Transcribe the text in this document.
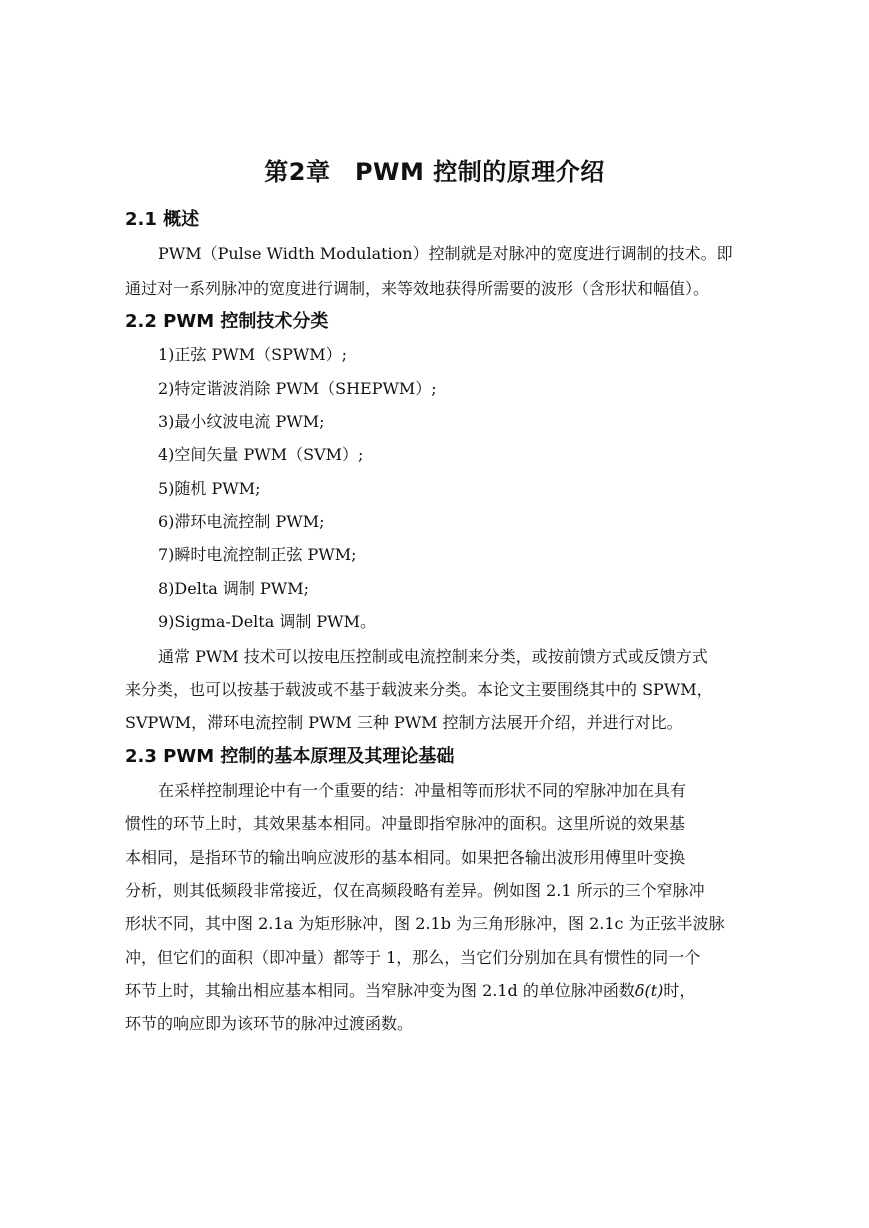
第2章　PWM 控制的原理介绍
2.1 概述
PWM（Pulse Width Modulation）控制就是对脉冲的宽度进行调制的技术。即
通过对一系列脉冲的宽度进行调制，来等效地获得所需要的波形（含形状和幅值）。
2.2 PWM 控制技术分类
1)正弦 PWM（SPWM）;
2)特定谐波消除 PWM（SHEPWM）;
3)最小纹波电流 PWM;
4)空间矢量 PWM（SVM）;
5)随机 PWM;
6)滞环电流控制 PWM;
7)瞬时电流控制正弦 PWM;
8)Delta 调制 PWM;
9)Sigma-Delta 调制 PWM。
通常 PWM 技术可以按电压控制或电流控制来分类，或按前馈方式或反馈方式
来分类，也可以按基于载波或不基于载波来分类。本论文主要围绕其中的 SPWM，
SVPWM，滞环电流控制 PWM 三种 PWM 控制方法展开介绍，并进行对比。
2.3 PWM 控制的基本原理及其理论基础
在采样控制理论中有一个重要的结：冲量相等而形状不同的窄脉冲加在具有
惯性的环节上时，其效果基本相同。冲量即指窄脉冲的面积。这里所说的效果基
本相同，是指环节的输出响应波形的基本相同。如果把各输出波形用傅里叶变换
分析，则其低频段非常接近，仅在高频段略有差异。例如图 2.1 所示的三个窄脉冲
形状不同，其中图 2.1a 为矩形脉冲，图 2.1b 为三角形脉冲，图 2.1c 为正弦半波脉
冲，但它们的面积（即冲量）都等于 1，那么，当它们分别加在具有惯性的同一个
环节上时，其输出相应基本相同。当窄脉冲变为图 2.1d 的单位脉冲函数δ(t)时，
环节的响应即为该环节的脉冲过渡函数。
